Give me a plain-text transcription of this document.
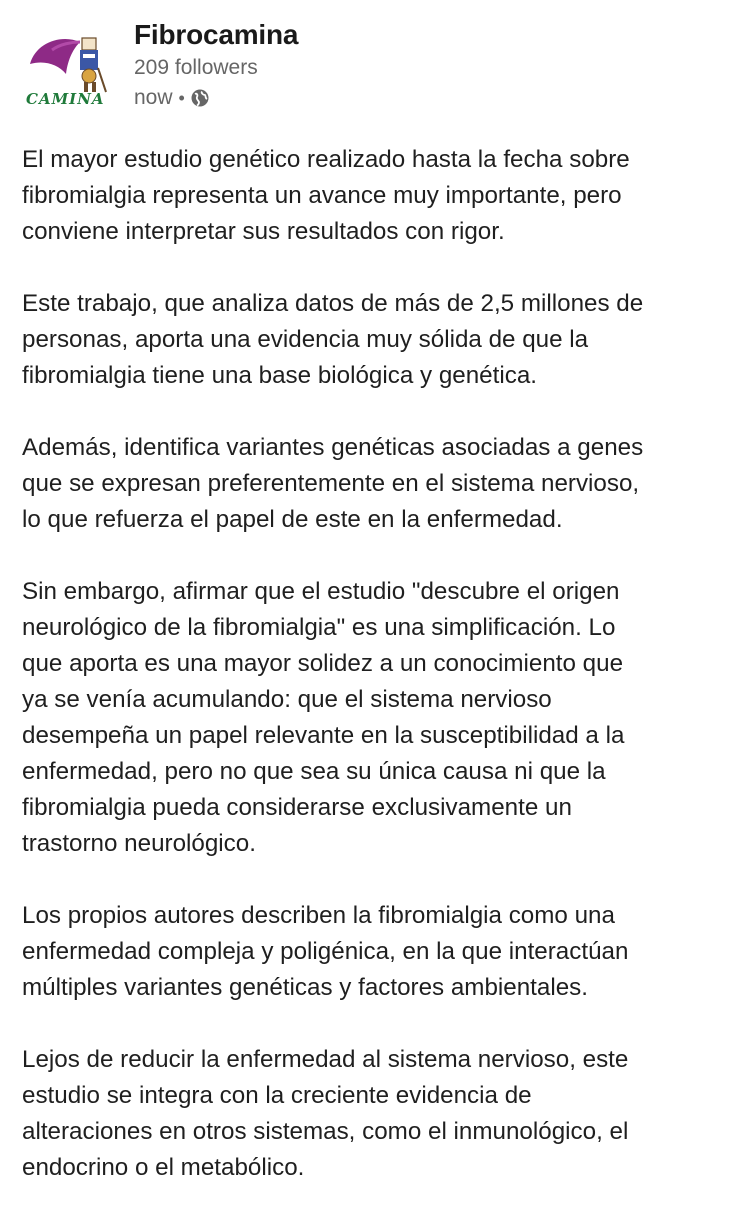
CAMINA
Fibrocamina
209 followers
now •

El mayor estudio genético realizado hasta la fecha sobre
fibromialgia representa un avance muy importante, pero
conviene interpretar sus resultados con rigor.

Este trabajo, que analiza datos de más de 2,5 millones de
personas, aporta una evidencia muy sólida de que la
fibromialgia tiene una base biológica y genética.

Además, identifica variantes genéticas asociadas a genes
que se expresan preferentemente en el sistema nervioso,
lo que refuerza el papel de este en la enfermedad.

Sin embargo, afirmar que el estudio "descubre el origen
neurológico de la fibromialgia" es una simplificación. Lo
que aporta es una mayor solidez a un conocimiento que
ya se venía acumulando: que el sistema nervioso
desempeña un papel relevante en la susceptibilidad a la
enfermedad, pero no que sea su única causa ni que la
fibromialgia pueda considerarse exclusivamente un
trastorno neurológico.

Los propios autores describen la fibromialgia como una
enfermedad compleja y poligénica, en la que interactúan
múltiples variantes genéticas y factores ambientales.

Lejos de reducir la enfermedad al sistema nervioso, este
estudio se integra con la creciente evidencia de
alteraciones en otros sistemas, como el inmunológico, el
endocrino o el metabólico.
